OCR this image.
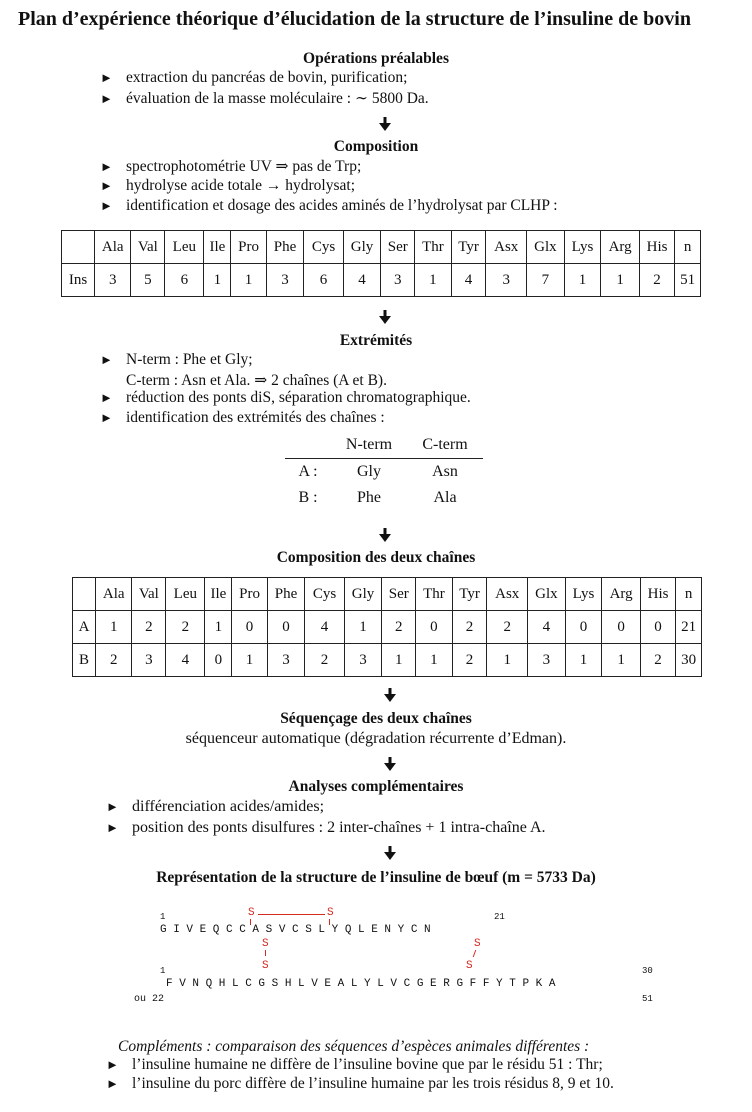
Plan d’expérience théorique d’élucidation de la structure de l’insuline de bovin
Opérations préalables
► extraction du pancréas de bovin, purification;
► évaluation de la masse moléculaire : ∼ 5800 Da.
Composition
► spectrophotométrie UV ⇒ pas de Trp;
► hydrolyse acide totale → hydrolysat;
► identification et dosage des acides aminés de l’hydrolysat par CLHP :
	Ala	Val	Leu	Ile	Pro	Phe	Cys	Gly	Ser	Thr	Tyr	Asx	Glx	Lys	Arg	His	n
Ins	3	5	6	1	1	3	6	4	3	1	4	3	7	1	1	2	51
Extrémités
► N-term : Phe et Gly;
C-term : Asn et Ala. ⇒ 2 chaînes (A et B).
► réduction des ponts diS, séparation chromatographique.
► identification des extrémités des chaînes :
	N-term	C-term
A :	Gly	Asn
B :	Phe	Ala
Composition des deux chaînes
	Ala	Val	Leu	Ile	Pro	Phe	Cys	Gly	Ser	Thr	Tyr	Asx	Glx	Lys	Arg	His	n
A	1	2	2	1	0	0	4	1	2	0	2	2	4	0	0	0	21
B	2	3	4	0	1	3	2	3	1	1	2	1	3	1	1	2	30
Séquençage des deux chaînes
séquenceur automatique (dégradation récurrente d’Edman).
Analyses complémentaires
► différenciation acides/amides;
► position des ponts disulfures : 2 inter-chaînes + 1 intra-chaîne A.
Représentation de la structure de l’insuline de bœuf (m = 5733 Da)
1	21
G I V E Q C C A S V C S L Y Q L E N Y C N
S	S
S
S
S
S
1	30
F V N Q H L C G S H L V E A L Y L V C G E R G F F Y T P K A
ou 22	51
Compléments : comparaison des séquences d’espèces animales différentes :
► l’insuline humaine ne diffère de l’insuline bovine que par le résidu 51 : Thr;
► l’insuline du porc diffère de l’insuline humaine par les trois résidus 8, 9 et 10.
